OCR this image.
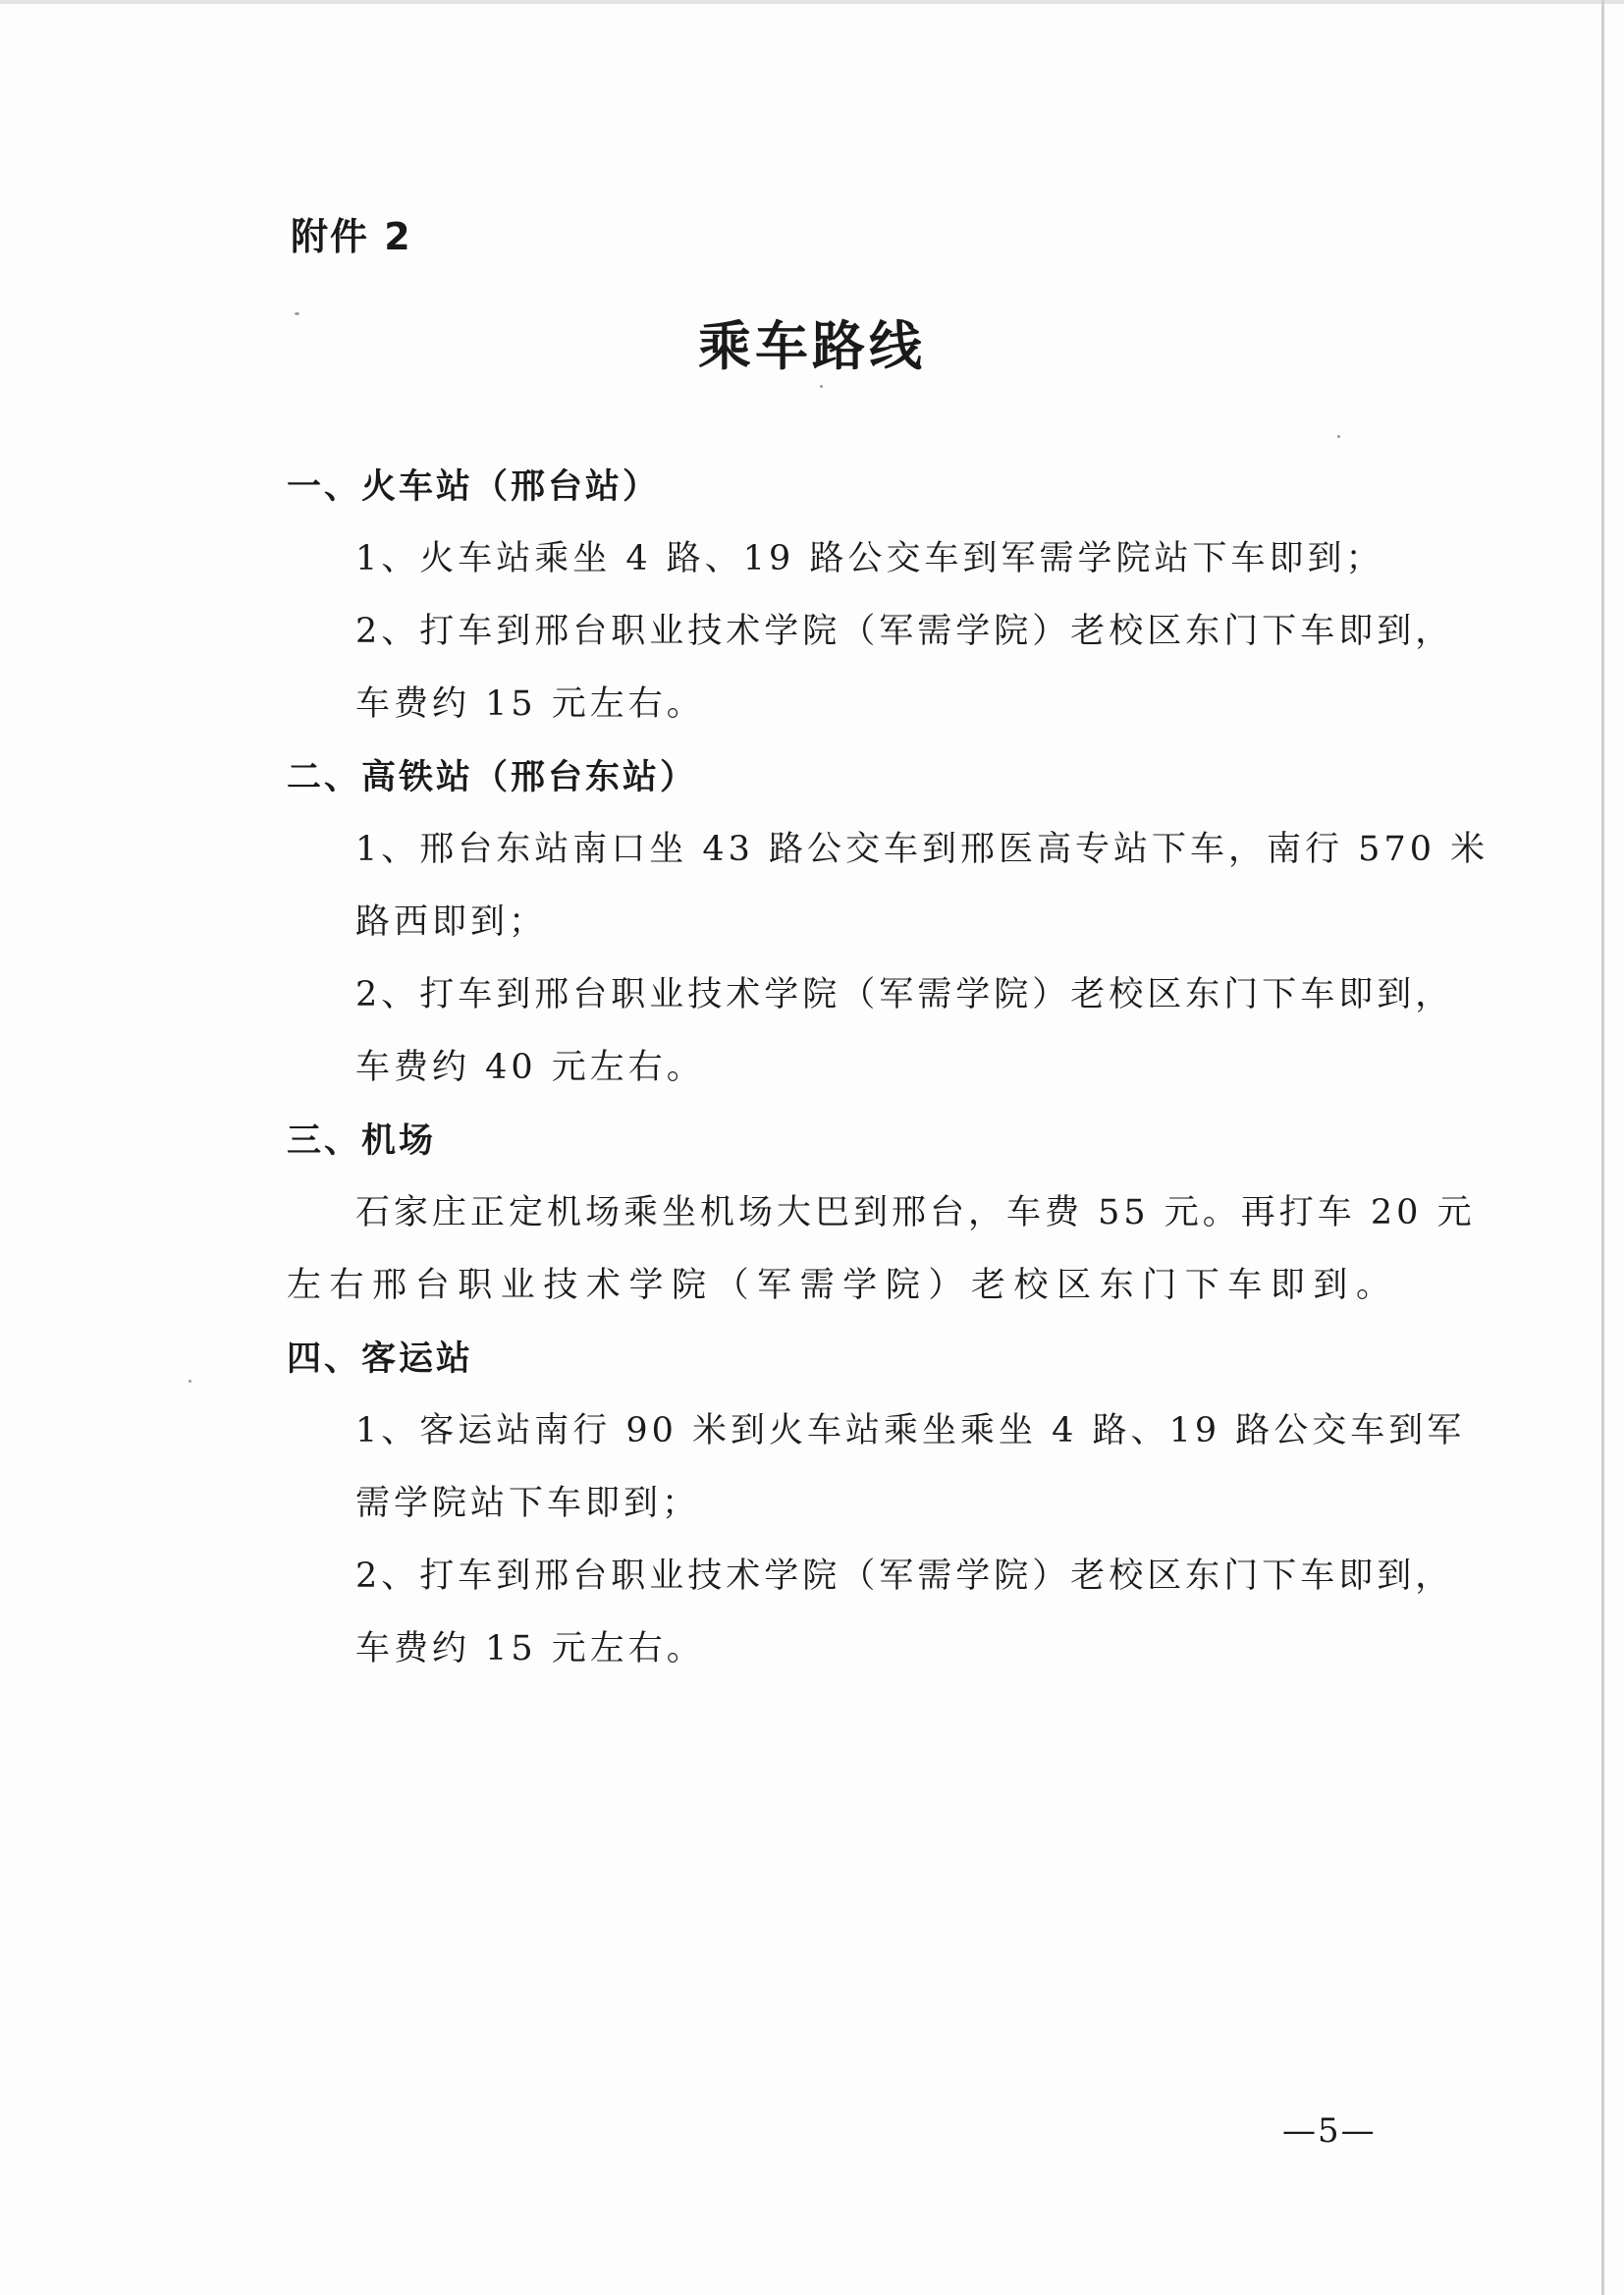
附件 2
乘车路线
一、火车站（邢台站）
1、火车站乘坐 4 路、19 路公交车到军需学院站下车即到；
2、打车到邢台职业技术学院（军需学院）老校区东门下车即到，
车费约 15 元左右。
二、高铁站（邢台东站）
1、邢台东站南口坐 43 路公交车到邢医高专站下车，南行 570 米
路西即到；
2、打车到邢台职业技术学院（军需学院）老校区东门下车即到，
车费约 40 元左右。
三、机场
石家庄正定机场乘坐机场大巴到邢台，车费 55 元。再打车 20 元
左右邢台职业技术学院（军需学院）老校区东门下车即到。
四、客运站
1、客运站南行 90 米到火车站乘坐乘坐 4 路、19 路公交车到军
需学院站下车即到；
2、打车到邢台职业技术学院（军需学院）老校区东门下车即到，
车费约 15 元左右。
—5—
